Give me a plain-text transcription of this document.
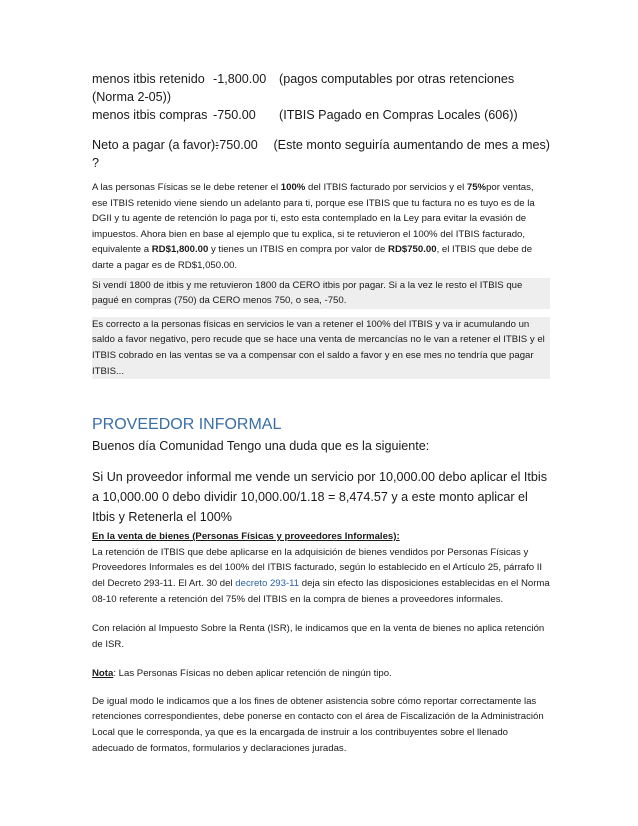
menos itbis retenido -1,800.00	(pagos computables por otras retenciones

(Norma 2-05))

menos itbis compras -750.00	(ITBIS Pagado en Compras Locales (606))
Neto a pagar (a favor):
-750.00	(Este monto seguiría aumentando de mes a mes)

?

A las personas Físicas se le debe retener el 100% del ITBIS facturado por servicios y el 75%por ventas, ese ITBIS retenido viene siendo un adelanto para ti, porque ese ITBIS que tu factura no es tuyo es de la DGII y tu agente de retención lo paga por ti, esto esta contemplado en la Ley para evitar la evasión de impuestos. Ahora bien en base al ejemplo que tu explica, si te retuvieron el 100% del ITBIS facturado, equivalente a RD$1,800.00 y tienes un ITBIS en compra por valor de RD$750.00, el ITBIS que debe de darte a pagar es de RD$1,050.00.

Si vendí 1800 de itbis y me retuvieron 1800 da CERO itbis por pagar. Si a la vez le resto el ITBIS que pagué en compras (750) da CERO menos 750, o sea, -750.

Es correcto a la personas físicas en servicios le van a retener el 100% del ITBIS y va ir acumulando un saldo a favor negativo, pero recude que se hace una venta de mercancías no le van a retener el ITBIS y el ITBIS cobrado en las ventas se va a compensar con el saldo a favor y en ese mes no tendría que pagar ITBIS...

PROVEEDOR INFORMAL

Buenos día Comunidad Tengo una duda que es la siguiente:

Si Un proveedor informal me vende un servicio por 10,000.00 debo aplicar el Itbis a 10,000.00 0 debo dividir 10,000.00/1.18 = 8,474.57 y a este monto aplicar el Itbis y Retenerla el 100%

En la venta de bienes (Personas Físicas y proveedores Informales):

La retención de ITBIS que debe aplicarse en la adquisición de bienes vendidos por Personas Físicas y Proveedores Informales es del 100% del ITBIS facturado, según lo establecido en el Artículo 25, párrafo II del Decreto 293-11. El Art. 30 del decreto 293-11 deja sin efecto las disposiciones establecidas en el Norma 08-10 referente a retención del 75% del ITBIS en la compra de bienes a proveedores informales.

Con relación al Impuesto Sobre la Renta (ISR), le indicamos que en la venta de bienes no aplica retención de ISR.

Nota: Las Personas Físicas no deben aplicar retención de ningún tipo.

De igual modo le indicamos que a los fines de obtener asistencia sobre cómo reportar correctamente las retenciones correspondientes, debe ponerse en contacto con el área de Fiscalización de la Administración Local que le corresponda, ya que es la encargada de instruir a los contribuyentes sobre el llenado adecuado de formatos, formularios y declaraciones juradas.
